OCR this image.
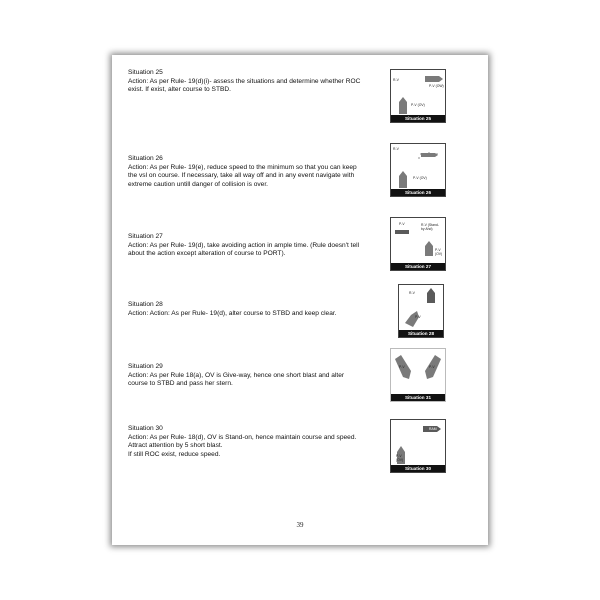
Situation 25
Action: As per Rule- 19(d)(i)- assess the situations and determine whether ROC
exist. If exist, alter course to STBD.
R-V
P-V (OW)
P-V (OV)
Situation 25
Situation 26
Action: As per Rule- 19(e), reduce speed to the minimum so that you can keep
the vsl on course. If necessary, take all way off and in any event navigate with
extreme caution untill danger of collision is over.
R-V
P-V (OV)
Situation 26
Situation 27
Action: As per Rule- 19(d), take avoiding action in ample time. (Rule doesn't tell
about the action except alteration of course to PORT).
P-V	R-V (Stand-by Ahd)
P-V (OV)
Situation 27
Situation 28
Action: Action: As per Rule- 19(d), alter course to STBD and keep clear.
R-V
P-V
Situation 28
Situation 29
Action: As per Rule 18(a), OV is Give-way, hence one short blast and alter
course to STBD and pass her stern.
P-V	P-V
Situation 31
Situation 30
Action: As per Rule- 18(d), OV is Stand-on, hence maintain course and speed.
Attract attention by 5 short blast.
If still ROC exist, reduce speed.
RAM
P-V (OV)
Situation 30
39
